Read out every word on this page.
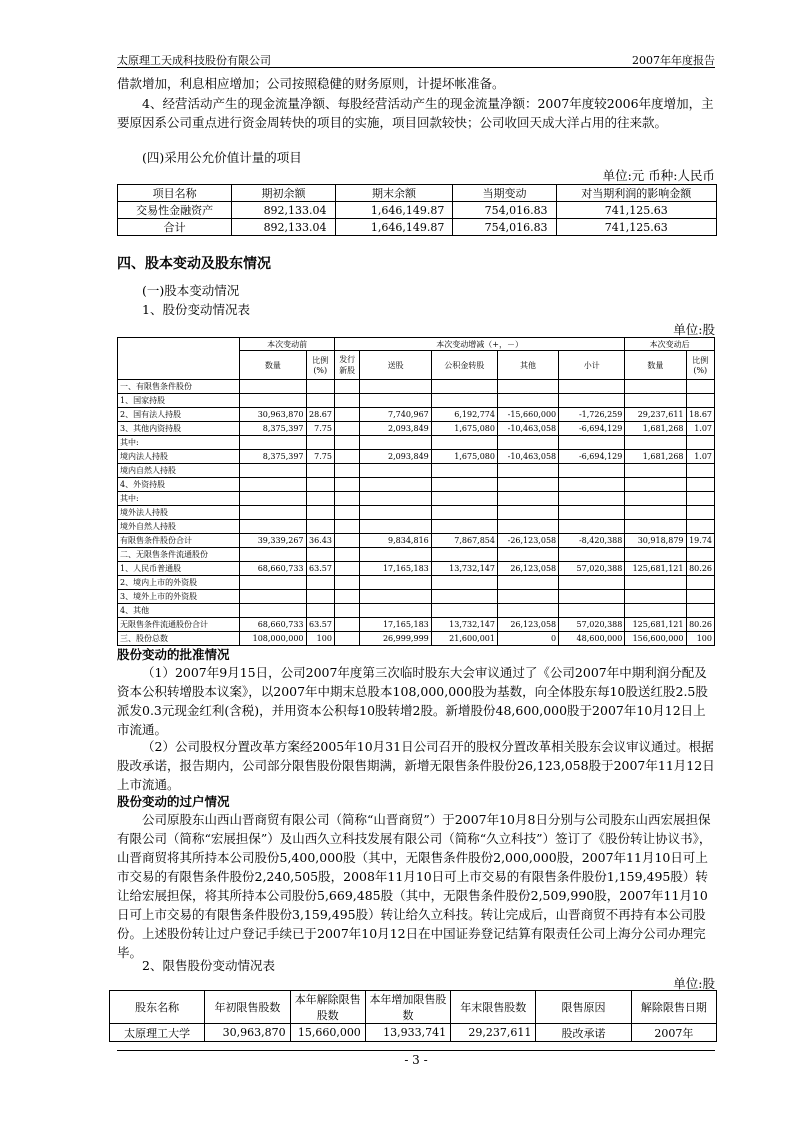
太原理工天成科技股份有限公司	2007年年度报告
借款增加，利息相应增加；公司按照稳健的财务原则，计提坏帐准备。
4、经营活动产生的现金流量净额、每股经营活动产生的现金流量净额：2007年度较2006年度增加，主要原因系公司重点进行资金周转快的项目的实施，项目回款较快；公司收回天成大洋占用的往来款。
(四)采用公允价值计量的项目
单位:元 币种:人民币
项目名称	期初余额	期末余额	当期变动	对当期利润的影响金额
交易性金融资产	892,133.04	1,646,149.87	754,016.83	741,125.63
合计	892,133.04	1,646,149.87	754,016.83	741,125.63
四、股本变动及股东情况
(一)股本变动情况
1、股份变动情况表
单位:股
	本次变动前		本次变动增减（+，－）					本次变动后	
	数量	比例(%)	发行新股	送股	公积金转股	其他	小计	数量	比例(%)
一、有限售条件股份									
1、国家持股									
2、国有法人持股	30,963,870	28.67		7,740,967	6,192,774	-15,660,000	-1,726,259	29,237,611	18.67
3、其他内资持股	8,375,397	7.75		2,093,849	1,675,080	-10,463,058	-6,694,129	1,681,268	1.07
其中:									
境内法人持股	8,375,397	7.75		2,093,849	1,675,080	-10,463,058	-6,694,129	1,681,268	1.07
境内自然人持股									
4、外资持股									
其中:									
境外法人持股									
境外自然人持股									
有限售条件股份合计	39,339,267	36.43		9,834,816	7,867,854	-26,123,058	-8,420,388	30,918,879	19.74
二、无限售条件流通股份									
1、人民币普通股	68,660,733	63.57		17,165,183	13,732,147	26,123,058	57,020,388	125,681,121	80.26
2、境内上市的外资股									
3、境外上市的外资股									
4、其他									
无限售条件流通股份合计	68,660,733	63.57		17,165,183	13,732,147	26,123,058	57,020,388	125,681,121	80.26
三、股份总数	108,000,000	100		26,999,999	21,600,001	0	48,600,000	156,600,000	100
股份变动的批准情况
（1）2007年9月15日，公司2007年度第三次临时股东大会审议通过了《公司2007年中期利润分配及资本公积转增股本议案》，以2007年中期末总股本108,000,000股为基数，向全体股东每10股送红股2.5股派发0.3元现金红利(含税)，并用资本公积每10股转增2股。新增股份48,600,000股于2007年10月12日上市流通。
（2）公司股权分置改革方案经2005年10月31日公司召开的股权分置改革相关股东会议审议通过。根据股改承诺，报告期内，公司部分限售股份限售期满，新增无限售条件股份26,123,058股于2007年11月12日上市流通。
股份变动的过户情况
公司原股东山西山晋商贸有限公司（简称“山晋商贸”）于2007年10月8日分别与公司股东山西宏展担保有限公司（简称“宏展担保”）及山西久立科技发展有限公司（简称“久立科技”）签订了《股份转让协议书》，山晋商贸将其所持本公司股份5,400,000股（其中，无限售条件股份2,000,000股，2007年11月10日可上市交易的有限售条件股份2,240,505股，2008年11月10日可上市交易的有限售条件股份1,159,495股）转让给宏展担保，将其所持本公司股份5,669,485股（其中，无限售条件股份2,509,990股，2007年11月10日可上市交易的有限售条件股份3,159,495股）转让给久立科技。转让完成后，山晋商贸不再持有本公司股份。上述股份转让过户登记手续已于2007年10月12日在中国证券登记结算有限责任公司上海分公司办理完毕。
2、限售股份变动情况表
单位:股
股东名称	年初限售股数	本年解除限售股数	本年增加限售股数	年末限售股数	限售原因	解除限售日期
太原理工大学	30,963,870	15,660,000	13,933,741	29,237,611	股改承诺	2007年
- 3 -
